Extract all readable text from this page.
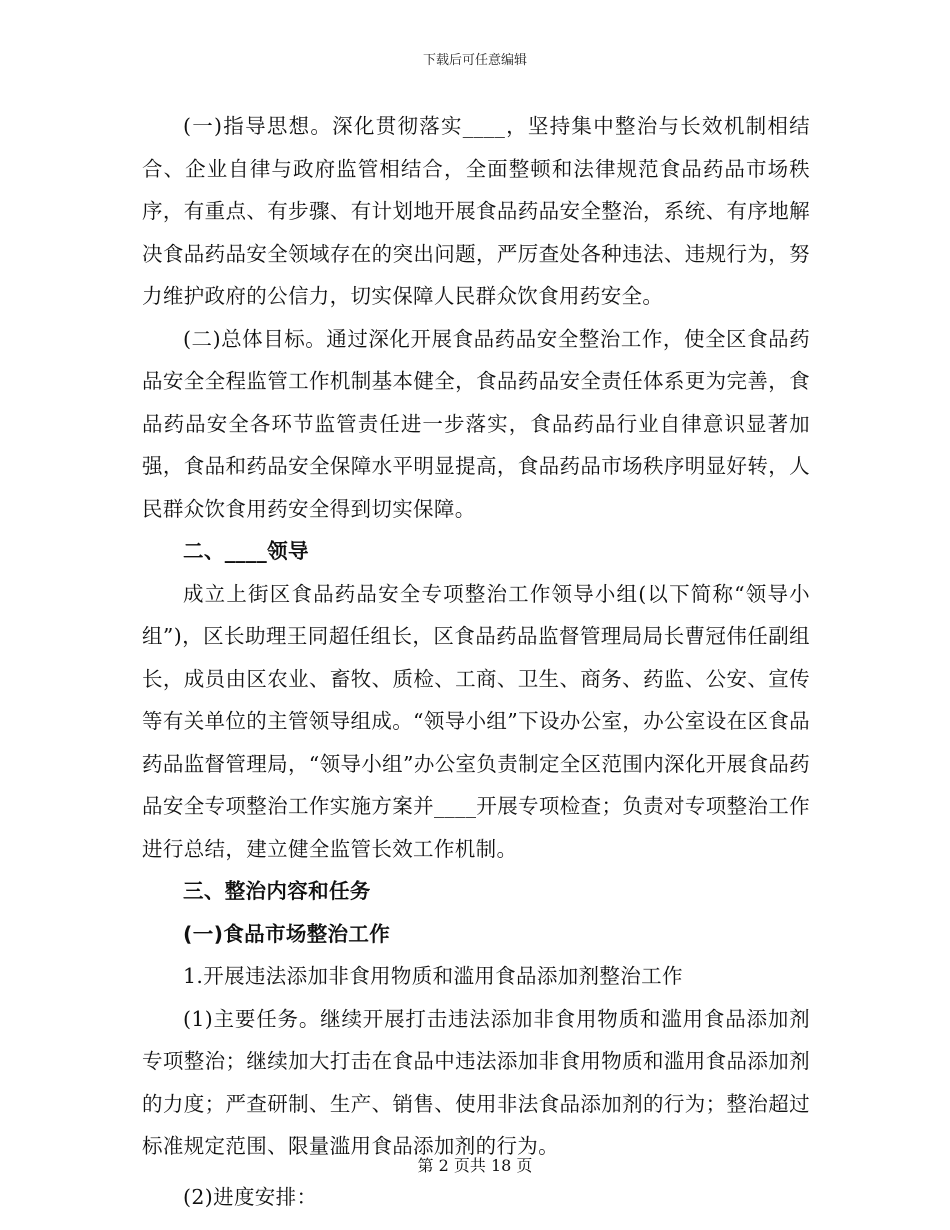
下载后可任意编辑

(一)指导思想。深化贯彻落实____，坚持集中整治与长效机制相结合、企业自律与政府监管相结合，全面整顿和法律规范食品药品市场秩序，有重点、有步骤、有计划地开展食品药品安全整治，系统、有序地解决食品药品安全领域存在的突出问题，严厉查处各种违法、违规行为，努力维护政府的公信力，切实保障人民群众饮食用药安全。

(二)总体目标。通过深化开展食品药品安全整治工作，使全区食品药品安全全程监管工作机制基本健全，食品药品安全责任体系更为完善，食品药品安全各环节监管责任进一步落实，食品药品行业自律意识显著加强，食品和药品安全保障水平明显提高，食品药品市场秩序明显好转，人民群众饮食用药安全得到切实保障。

二、____领导

成立上街区食品药品安全专项整治工作领导小组(以下简称“领导小组”)，区长助理王同超任组长，区食品药品监督管理局局长曹冠伟任副组长，成员由区农业、畜牧、质检、工商、卫生、商务、药监、公安、宣传等有关单位的主管领导组成。“领导小组”下设办公室，办公室设在区食品药品监督管理局，“领导小组”办公室负责制定全区范围内深化开展食品药品安全专项整治工作实施方案并____开展专项检查；负责对专项整治工作进行总结，建立健全监管长效工作机制。

三、整治内容和任务

(一)食品市场整治工作

1.开展违法添加非食用物质和滥用食品添加剂整治工作

(1)主要任务。继续开展打击违法添加非食用物质和滥用食品添加剂专项整治；继续加大打击在食品中违法添加非食用物质和滥用食品添加剂的力度；严查研制、生产、销售、使用非法食品添加剂的行为；整治超过标准规定范围、限量滥用食品添加剂的行为。

(2)进度安排：

第 2 页共 18 页
